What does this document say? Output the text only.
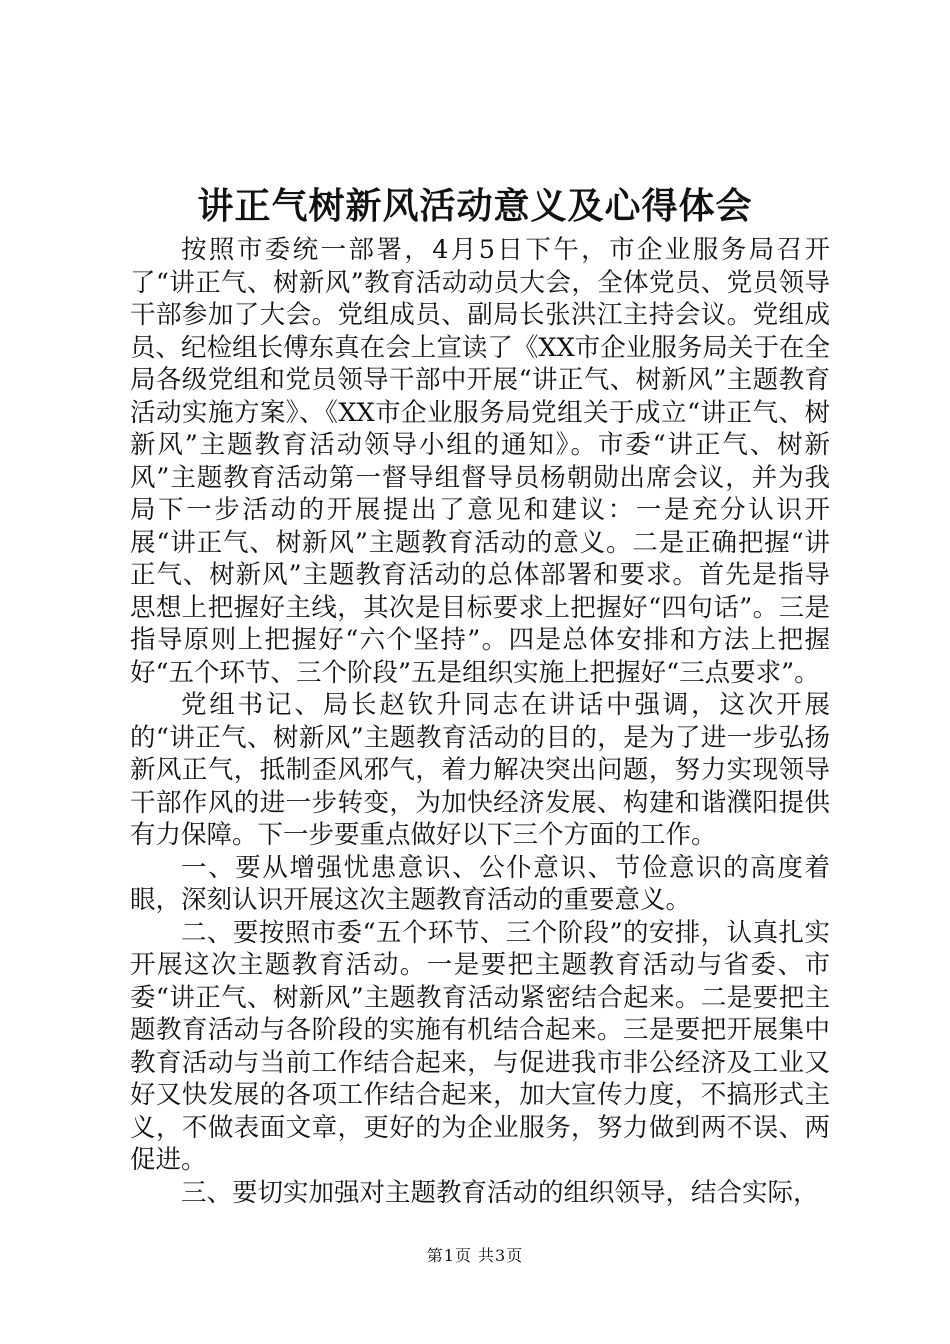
讲正气树新风活动意义及心得体会

按照市委统一部署，4月5日下午，市企业服务局召开了“讲正气、树新风”教育活动动员大会，全体党员、党员领导干部参加了大会。党组成员、副局长张洪江主持会议。党组成员、纪检组长傅东真在会上宣读了《XX市企业服务局关于在全局各级党组和党员领导干部中开展“讲正气、树新风”主题教育活动实施方案》、《XX市企业服务局党组关于成立“讲正气、树新风”主题教育活动领导小组的通知》。市委“讲正气、树新风”主题教育活动第一督导组督导员杨朝勋出席会议，并为我局下一步活动的开展提出了意见和建议：一是充分认识开展“讲正气、树新风”主题教育活动的意义。二是正确把握“讲正气、树新风”主题教育活动的总体部署和要求。首先是指导思想上把握好主线，其次是目标要求上把握好“四句话”。三是指导原则上把握好“六个坚持”。四是总体安排和方法上把握好“五个环节、三个阶段”五是组织实施上把握好“三点要求”。

党组书记、局长赵钦升同志在讲话中强调，这次开展的“讲正气、树新风”主题教育活动的目的，是为了进一步弘扬新风正气，抵制歪风邪气，着力解决突出问题，努力实现领导干部作风的进一步转变，为加快经济发展、构建和谐濮阳提供有力保障。下一步要重点做好以下三个方面的工作。

一、要从增强忧患意识、公仆意识、节俭意识的高度着眼，深刻认识开展这次主题教育活动的重要意义。

二、要按照市委“五个环节、三个阶段”的安排，认真扎实开展这次主题教育活动。一是要把主题教育活动与省委、市委“讲正气、树新风”主题教育活动紧密结合起来。二是要把主题教育活动与各阶段的实施有机结合起来。三是要把开展集中教育活动与当前工作结合起来，与促进我市非公经济及工业又好又快发展的各项工作结合起来，加大宣传力度，不搞形式主义，不做表面文章，更好的为企业服务，努力做到两不误、两促进。

三、要切实加强对主题教育活动的组织领导，结合实际，

第1页 共3页
